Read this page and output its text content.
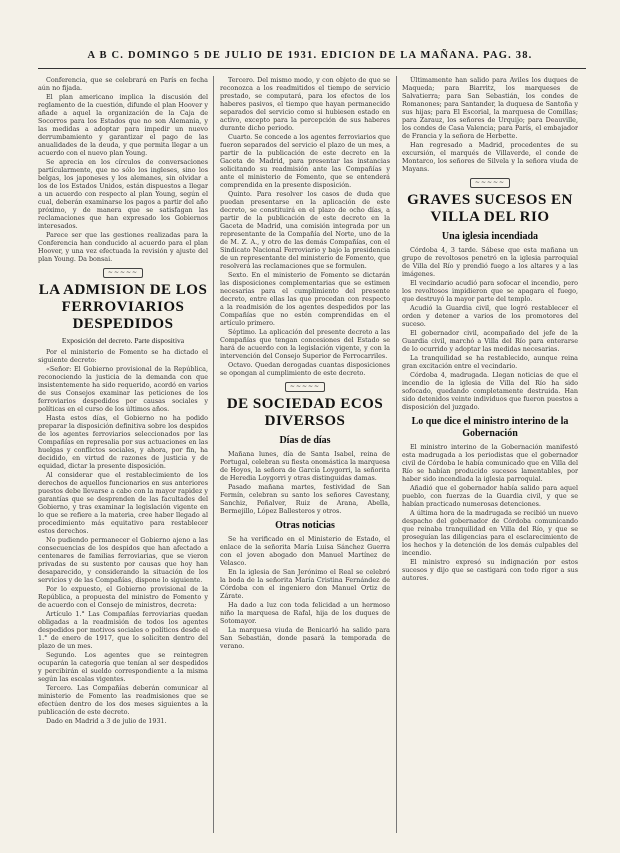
A B C. DOMINGO 5 DE JULIO DE 1931. EDICION DE LA MAÑANA. PAG. 38.

Conferencia, que se celebrará en París en fecha aún no fijada.

El plan americano implica la discusión del reglamento de la cuestión, difunde el plan Hoover y añade a aquel la organización de la Caja de Socorros para los Estados que no son Alemania, y las medidas a adoptar para impedir un nuevo derrumbamiento y garantizar el pago de las anualidades de la deuda, y que permita llegar a un acuerdo con el nuevo plan Young.

Se aprecia en los círculos de conversaciones partícularmente, que no sólo los ingleses, sino los belgas, los japoneses y los alemanes, sin olvidar a los de los Estados Unidos, están dispuestos a llegar a un acuerdo con respecto al plan Young, según el cual, deberán examinarse los pagos a partir del año próximo, y de manera que se satisfagan las reclamaciones que han expresado los Gobiernos interesados.

Parece ser que las gestiones realizadas para la Conferencia han conducido al acuerdo para el plan Hoover, y una vez efectuada la revisión y ajuste del plan Young. Da bonsai.

~~~~~
LA ADMISION DE LOS FERROVIARIOS DESPEDIDOS
Exposición del decreto. Parte dispositiva

Por el ministerio de Fomento se ha dictado el siguiente decreto:

«Señor: El Gobierno provisional de la República, reconociendo la justicia de la demanda con que insistentemente ha sido requerido, acordó en varios de sus Consejos examinar las peticiones de los ferroviarios despedidos por causas sociales y políticas en el curso de los últimos años.

Hasta estos días, el Gobierno no ha podido preparar la disposición definitiva sobre los despidos de los agentes ferroviarios seleccionados por las Compañías en represalia por sus actuaciones en las huelgas y conflictos sociales, y ahora, por fin, ha decidido, en virtud de razones de justicia y de equidad, dictar la presente disposición.

Al considerar que el restablecimiento de los derechos de aquellos funcionarios en sus anteriores puestos debe llevarse a cabo con la mayor rapidez y garantías que se desprenden de las facultades del Gobierno, y tras examinar la legislación vigente en lo que se refiere a la materia, cree haber llegado al procedimiento más equitativo para restablecer estos derechos.

No pudiendo permanecer el Gobierno ajeno a las consecuencias de los despidos que han afectado a centenares de familias ferroviarias, que se vieron privadas de su sustento por causas que hoy han desaparecido, y considerando la situación de los servicios y de las Compañías, dispone lo siguiente.

Por lo expuesto, el Gobierno provisional de la República, a propuesta del ministro de Fomento y de acuerdo con el Consejo de ministros, decreta:

Artículo 1.° Las Compañías ferroviarias quedan obligadas a la readmisión de todos los agentes despedidos por motivos sociales o políticos desde el 1.° de enero de 1917, que lo soliciten dentro del plazo de un mes.

Segundo. Los agentes que se reintegren ocuparán la categoría que tenían al ser despedidos y percibirán el sueldo correspondiente a la misma según las escalas vigentes.

Tercero. Las Compañías deberán comunicar al ministerio de Fomento las readmisiones que se efectúen dentro de los dos meses siguientes a la publicación de este decreto.

Dado en Madrid a 3 de julio de 1931.

Tercero. Del mismo modo, y con objeto de que se reconozca a los readmitidos el tiempo de servicio prestado, se computará, para los efectos de los haberes pasivos, el tiempo que hayan permanecido separados del servicio como si hubiesen estado en activo, excepto para la percepción de sus haberes durante dicho periodo.

Cuarto. Se concede a los agentes ferroviarios que fueron separados del servicio el plazo de un mes, a partir de la publicación de este decreto en la Gaceta de Madrid, para presentar las instancias solicitando su readmisión ante las Compañías y ante el ministerio de Fomento, que se entenderá comprendida en la presente disposición.

Quinto. Para resolver los casos de duda que puedan presentarse en la aplicación de este decreto, se constituirá en el plazo de ocho días, a partir de la publicación de este decreto en la Gaceta de Madrid, una comisión integrada por un representante de la Compañía del Norte, uno de la de M. Z. A., y otro de las demás Compañías, con el Sindicato Nacional Ferroviario y bajo la presidencia de un representante del ministerio de Fomento, que resolverá las reclamaciones que se formulen.

Sexto. En el ministerio de Fomento se dictarán las disposiciones complementarias que se estimen necesarias para el cumplimiento del presente decreto, entre ellas las que procedan con respecto a la readmisión de los agentes despedidos por las Compañías que no estén comprendidas en el artículo primero.

Séptimo. La aplicación del presente decreto a las Compañías que tengan concesiones del Estado se hará de acuerdo con la legislación vigente, y con la intervención del Consejo Superior de Ferrocarriles.

Octavo. Quedan derogadas cuantas disposiciones se opongan al cumplimiento de este decreto.

~~~~~
DE SOCIEDAD ECOS DIVERSOS
Días de días

Mañana lunes, día de Santa Isabel, reina de Portugal, celebran su fiesta onomástica la marquesa de Hoyos, la señora de García Loygorri, la señorita de Heredia Loygorri y otras distinguidas damas.

Pasado mañana martes, festividad de San Fermín, celebran su santo los señores Cavestany, Sanchiz, Peñalver, Ruiz de Arana, Abella, Bermejillo, López Ballesteros y otros.

Otras noticias

Se ha verificado en el Ministerio de Estado, el enlace de la señorita María Luisa Sánchez Guerra con el joven abogado don Manuel Martínez de Velasco.

En la iglesia de San Jerónimo el Real se celebró la boda de la señorita María Cristina Fernández de Córdoba con el ingeniero don Manuel Ortiz de Zárate.

Ha dado a luz con toda felicidad a un hermoso niño la marquesa de Rafal, hija de los duques de Sotomayor.

La marquesa viuda de Benicarló ha salido para San Sebastián, donde pasará la temporada de verano.

Últimamente han salido para Aviles los duques de Maqueda; para Biarritz, los marqueses de Salvatierra; para San Sebastián, los condes de Romanones; para Santander, la duquesa de Santoña y sus hijas; para El Escorial, la marquesa de Comillas; para Zarauz, los señores de Urquijo; para Deauville, los condes de Casa Valencia; para París, el embajador de Francia y la señora de Herbette.

Han regresado a Madrid, procedentes de su excursión, el marqués de Villaverde, el conde de Montarco, los señores de Silvela y la señora viuda de Mayans.

~~~~~
GRAVES SUCESOS EN VILLA DEL RIO
Una iglesia incendiada

Córdoba 4, 3 tarde. Sábese que esta mañana un grupo de revoltosos penetró en la iglesia parroquial de Villa del Río y prendió fuego a los altares y a las imágenes.

El vecindario acudió para sofocar el incendio, pero los revoltosos impidieron que se apagara el fuego, que destruyó la mayor parte del templo.

Acudió la Guardia civil, que logró restablecer el orden y detener a varios de los promotores del suceso.

El gobernador civil, acompañado del jefe de la Guardia civil, marchó a Villa del Río para enterarse de lo ocurrido y adoptar las medidas necesarias.

La tranquilidad se ha restablecido, aunque reina gran excitación entre el vecindario.

Córdoba 4, madrugada. Llegan noticias de que el incendio de la iglesia de Villa del Río ha sido sofocado, quedando completamente destruida. Han sido detenidos veinte individuos que fueron puestos a disposición del juzgado.

Lo que dice el ministro interino de la Gobernación

El ministro interino de la Gobernación manifestó esta madrugada a los periodistas que el gobernador civil de Córdoba le había comunicado que en Villa del Río se habían producido sucesos lamentables, por haber sido incendiada la iglesia parroquial.

Añadió que el gobernador había salido para aquel pueblo, con fuerzas de la Guardia civil, y que se habían practicado numerosas detenciones.

A última hora de la madrugada se recibió un nuevo despacho del gobernador de Córdoba comunicando que reinaba tranquilidad en Villa del Río, y que se proseguían las diligencias para el esclarecimiento de los hechos y la detención de los demás culpables del incendio.

El ministro expresó su indignación por estos sucesos y dijo que se castigará con todo rigor a sus autores.
